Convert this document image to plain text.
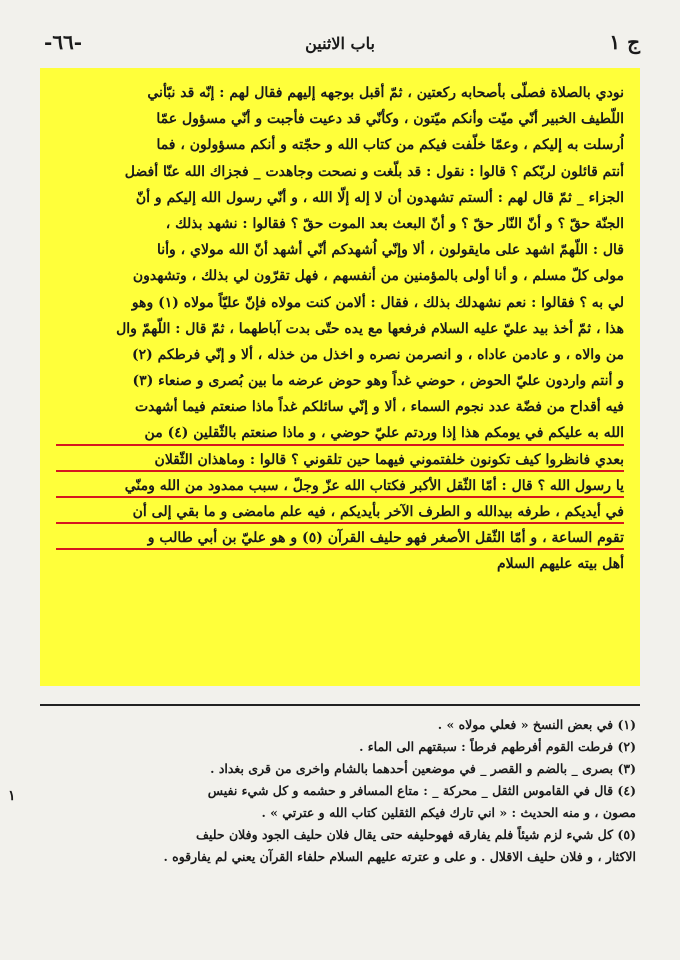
-٦٦-	باب الاثنين	ج ١
نودي بالصلاة فصلّى بأصحابه ركعتين ، ثمّ أقبل بوجهه إليهم فقال لهم : إنّه قد نبّأني
اللّطيف الخبير أنّي ميّت وأنكم ميّتون ، وكأنّي قد دعيت فأجبت و أنّي مسؤول عمّا
اُرسلت به إليكم ، وعمّا خلّفت فيكم من كتاب الله و حجّته و أنكم مسؤولون ، فما
أنتم قائلون لربّكم ؟ قالوا : نقول : قد بلّغت و نصحت وجاهدت _ فجزاك الله عنّا أفضل
الجزاء _ ثمّ قال لهم : ألستم تشهدون أن لا إله إلّا الله ، و أنّي رسول الله إليكم و أنّ
الجنّة حقّ ؟ و أنّ النّار حقّ ؟ و أنّ البعث بعد الموت حقّ ؟ فقالوا : نشهد بذلك ،
قال : اللّهمّ اشهد على مايقولون ، ألا وإنّي اُشهدكم أنّي أشهد أنّ الله مولاي ، وأنا
مولى كلّ مسلم ، و أنا أولى بالمؤمنين من أنفسهم ، فهل تقرّون لي بذلك ، وتشهدون
لي به ؟ فقالوا : نعم نشهدلك بذلك ، فقال : ألامن كنت مولاه فإنّ عليّاً مولاه (١) وهو
هذا ، ثمّ أخذ بيد عليّ عليه السلام فرفعها مع يده حتّى بدت آباطهما ، ثمّ قال : اللّهمّ وال
من والاه ، و عادمن عاداه ، و انصرمن نصره و اخذل من خذله ، ألا و إنّي فرطكم (٢)
و أنتم واردون عليّ الحوض ، حوضي غداً وهو حوض عرضه ما بين بُصرى و صنعاء (٣)
فيه أقداح من فضّة عدد نجوم السماء ، ألا و إنّي سائلكم غداً ماذا صنعتم فيما أشهدت
الله به عليكم في يومكم هذا إذا وردتم عليّ حوضي ، و ماذا صنعتم بالثّقلين (٤) من
بعدي فانظروا كيف تكونون خلفتموني فيهما حين تلقوني ؟ قالوا : وماهذان الثّقلان
يا رسول الله ؟ قال : أمّا الثّقل الأكبر فكتاب الله عزّ وجلّ ، سبب ممدود من الله ومنّي
في أيديكم ، طرفه بيدالله و الطرف الآخر بأيديكم ، فيه علم مامضى و ما بقي إلى أن
تقوم الساعة ، و أمّا الثّقل الأصغر فهو حليف القرآن (٥) و هو عليّ بن أبي طالب و
أهل بيته عليهم السلام
(١) في بعض النسخ « فعلي مولاه » .
(٢) فرطت القوم أفرطهم فرطاً : سبقتهم الى الماء .
(٣) بصرى _ بالضم و القصر _ في موضعين أحدهما بالشام واخرى من قرى بغداد .
(٤) قال في القاموس الثقل _ محركة _ : متاع المسافر و حشمه و كل شيء نفيس
مصون ، و منه الحديث : « اني تارك فيكم الثقلين كتاب الله و عترتي » .
(٥) كل شيء لزم شيئاً فلم يفارقه فهوحليفه حتى يقال فلان حليف الجود وفلان حليف
الاكثار ، و فلان حليف الاقلال . و على و عترته عليهم السلام حلفاء القرآن يعني لم يفارقوه .
١
